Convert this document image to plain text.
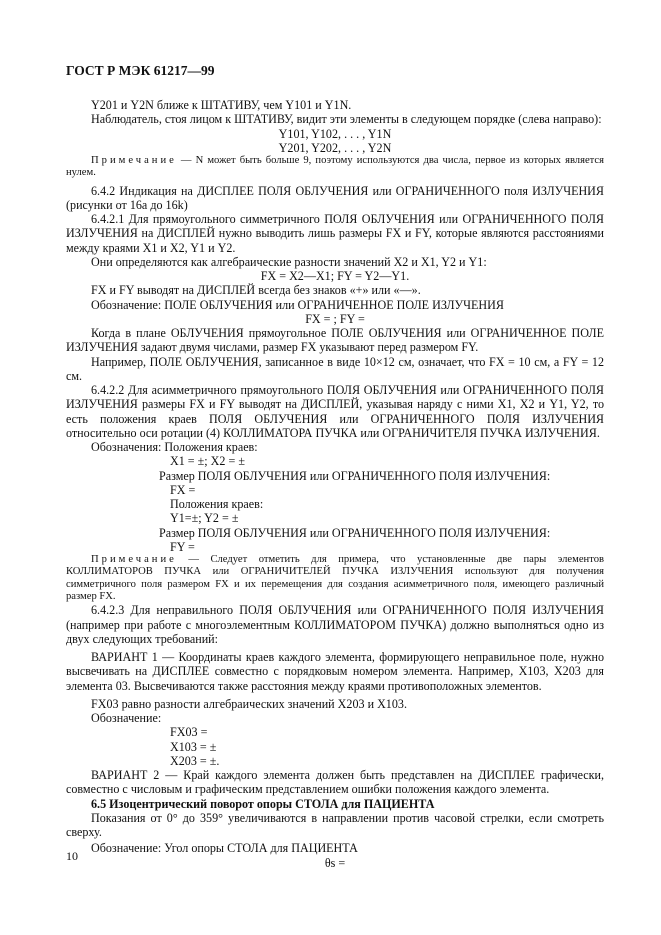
ГОСТ Р МЭК 61217—99

Y201 и Y2N ближе к ШТАТИВУ, чем Y101 и Y1N.

Наблюдатель, стоя лицом к ШТАТИВУ, видит эти элементы в следующем порядке (слева направо):

Y101, Y102, . . . , Y1N

Y201, Y202, . . . , Y2N

Примечание — N может быть больше 9, поэтому используются два числа, первое из которых является нулем.

6.4.2 Индикация на ДИСПЛЕЕ ПОЛЯ ОБЛУЧЕНИЯ или ОГРАНИЧЕННОГО поля ИЗЛУЧЕНИЯ (рисунки от 16а до 16k)

6.4.2.1 Для прямоугольного симметричного ПОЛЯ ОБЛУЧЕНИЯ или ОГРАНИЧЕННОГО ПОЛЯ ИЗЛУЧЕНИЯ на ДИСПЛЕЙ нужно выводить лишь размеры FX и FY, которые являются расстояниями между краями X1 и X2, Y1 и Y2.

Они определяются как алгебраические разности значений X2 и X1, Y2 и Y1:

FX = X2—X1; FY = Y2—Y1.

FX и FY выводят на ДИСПЛЕЙ всегда без знаков «+» или «—».

Обозначение: ПОЛЕ ОБЛУЧЕНИЯ или ОГРАНИЧЕННОЕ ПОЛЕ ИЗЛУЧЕНИЯ

FX = ; FY =

Когда в плане ОБЛУЧЕНИЯ прямоугольное ПОЛЕ ОБЛУЧЕНИЯ или ОГРАНИЧЕННОЕ ПОЛЕ ИЗЛУЧЕНИЯ задают двумя числами, размер FX указывают перед размером FY.

Например, ПОЛЕ ОБЛУЧЕНИЯ, записанное в виде 10×12 см, означает, что FX = 10 см, а FY = 12 см.

6.4.2.2 Для асимметричного прямоугольного ПОЛЯ ОБЛУЧЕНИЯ или ОГРАНИЧЕННОГО ПОЛЯ ИЗЛУЧЕНИЯ размеры FX и FY выводят на ДИСПЛЕЙ, указывая наряду с ними X1, X2 и Y1, Y2, то есть положения краев ПОЛЯ ОБЛУЧЕНИЯ или ОГРАНИЧЕННОГО ПОЛЯ ИЗЛУЧЕНИЯ относительно оси ротации (4) КОЛЛИМАТОРА ПУЧКА или ОГРАНИЧИТЕЛЯ ПУЧКА ИЗЛУЧЕНИЯ.

Обозначения: Положения краев:

X1 = ±; X2 = ±

Размер ПОЛЯ ОБЛУЧЕНИЯ или ОГРАНИЧЕННОГО ПОЛЯ ИЗЛУЧЕНИЯ:

FX =

Положения краев:

Y1=±; Y2 = ±

Размер ПОЛЯ ОБЛУЧЕНИЯ или ОГРАНИЧЕННОГО ПОЛЯ ИЗЛУЧЕНИЯ:

FY =

Примечание — Следует отметить для примера, что установленные две пары элементов КОЛЛИМАТОРОВ ПУЧКА или ОГРАНИЧИТЕЛЕЙ ПУЧКА ИЗЛУЧЕНИЯ используют для получения симметричного поля размером FX и их перемещения для создания асимметричного поля, имеющего различный размер FX.

6.4.2.3 Для неправильного ПОЛЯ ОБЛУЧЕНИЯ или ОГРАНИЧЕННОГО ПОЛЯ ИЗЛУЧЕНИЯ (например при работе с многоэлементным КОЛЛИМАТОРОМ ПУЧКА) должно выполняться одно из двух следующих требований:

ВАРИАНТ 1 — Координаты краев каждого элемента, формирующего неправильное поле, нужно высвечивать на ДИСПЛЕЕ совместно с порядковым номером элемента. Например, X103, X203 для элемента 03. Высвечиваются также расстояния между краями противоположных элементов.

FX03 равно разности алгебраических значений X203 и X103.

Обозначение:

FX03 =

X103 = ±

X203 = ±.

ВАРИАНТ 2 — Край каждого элемента должен быть представлен на ДИСПЛЕЕ графически, совместно с числовым и графическим представлением ошибки положения каждого элемента.

6.5 Изоцентрический поворот опоры СТОЛА для ПАЦИЕНТА

Показания от 0° до 359° увеличиваются в направлении против часовой стрелки, если смотреть сверху.

Обозначение: Угол опоры СТОЛА для ПАЦИЕНТА

θs =

10
